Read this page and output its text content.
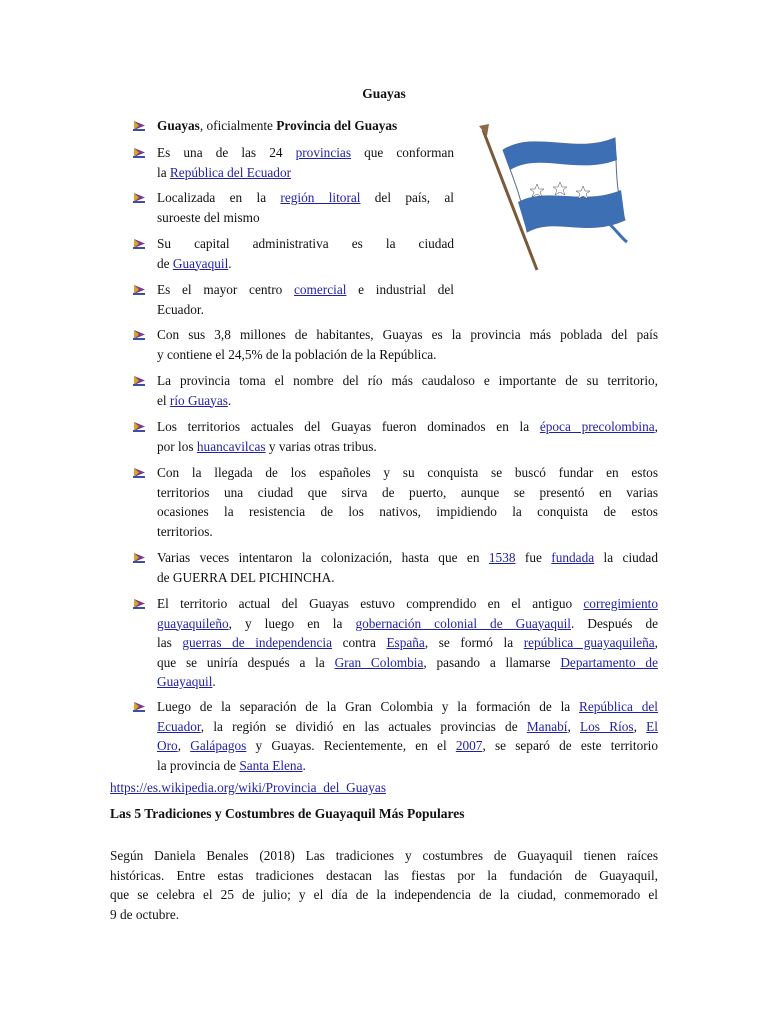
Guayas
Guayas, oficialmente Provincia del Guayas
Es una de las 24 provincias que conforman
la República del Ecuador
Localizada en la región litoral del país, al
suroeste del mismo
Su capital administrativa es la ciudad
de Guayaquil.
Es el mayor centro comercial e industrial del
Ecuador.
Con sus 3,8 millones de habitantes, Guayas es la provincia más poblada del país
y contiene el 24,5% de la población de la República.
La provincia toma el nombre del río más caudaloso e importante de su territorio,
el río Guayas.
Los territorios actuales del Guayas fueron dominados en la época precolombina,
por los huancavilcas y varias otras tribus.
Con la llegada de los españoles y su conquista se buscó fundar en estos
territorios una ciudad que sirva de puerto, aunque se presentó en varias
ocasiones la resistencia de los nativos, impidiendo la conquista de estos
territorios.
Varias veces intentaron la colonización, hasta que en 1538 fue fundada la ciudad
de GUERRA DEL PICHINCHA.
El territorio actual del Guayas estuvo comprendido en el antiguo corregimiento
guayaquileño, y luego en la gobernación colonial de Guayaquil. Después de
las guerras de independencia contra España, se formó la república guayaquileña,
que se uniría después a la Gran Colombia, pasando a llamarse Departamento de
Guayaquil.
Luego de la separación de la Gran Colombia y la formación de la República del
Ecuador, la región se dividió en las actuales provincias de Manabí, Los Ríos, El
Oro, Galápagos y Guayas. Recientemente, en el 2007, se separó de este territorio
la provincia de Santa Elena.
https://es.wikipedia.org/wiki/Provincia_del_Guayas
Las 5 Tradiciones y Costumbres de Guayaquil Más Populares
Según Daniela Benales (2018) Las tradiciones y costumbres de Guayaquil tienen raíces
históricas. Entre estas tradiciones destacan las fiestas por la fundación de Guayaquil,
que se celebra el 25 de julio; y el día de la independencia de la ciudad, conmemorado el
9 de octubre.
